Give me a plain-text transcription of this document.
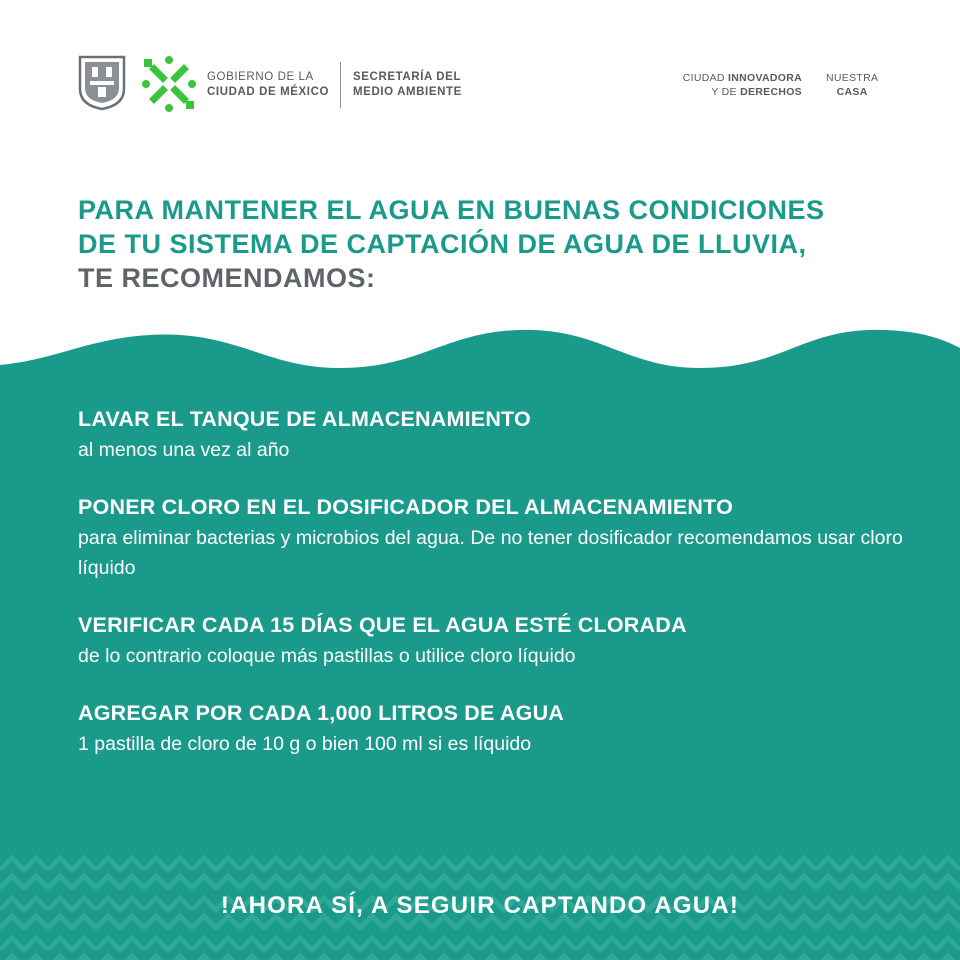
GOBIERNO DE LA
CIUDAD DE MÉXICO
SECRETARÍA DEL
MEDIO AMBIENTE
CIUDAD INNOVADORA
Y DE DERECHOS
NUESTRA
CASA
PARA MANTENER EL AGUA EN BUENAS CONDICIONES
DE TU SISTEMA DE CAPTACIÓN DE AGUA DE LLUVIA,
TE RECOMENDAMOS:
LAVAR EL TANQUE DE ALMACENAMIENTO
al menos una vez al año
PONER CLORO EN EL DOSIFICADOR DEL ALMACENAMIENTO
para eliminar bacterias y microbios del agua. De no tener dosificador recomendamos usar cloro líquido
VERIFICAR CADA 15 DÍAS QUE EL AGUA ESTÉ CLORADA
de lo contrario coloque más pastillas o utilice cloro líquido
AGREGAR POR CADA 1,000 LITROS DE AGUA
1 pastilla de cloro de 10 g o bien 100 ml si es líquido
!AHORA SÍ, A SEGUIR CAPTANDO AGUA!
